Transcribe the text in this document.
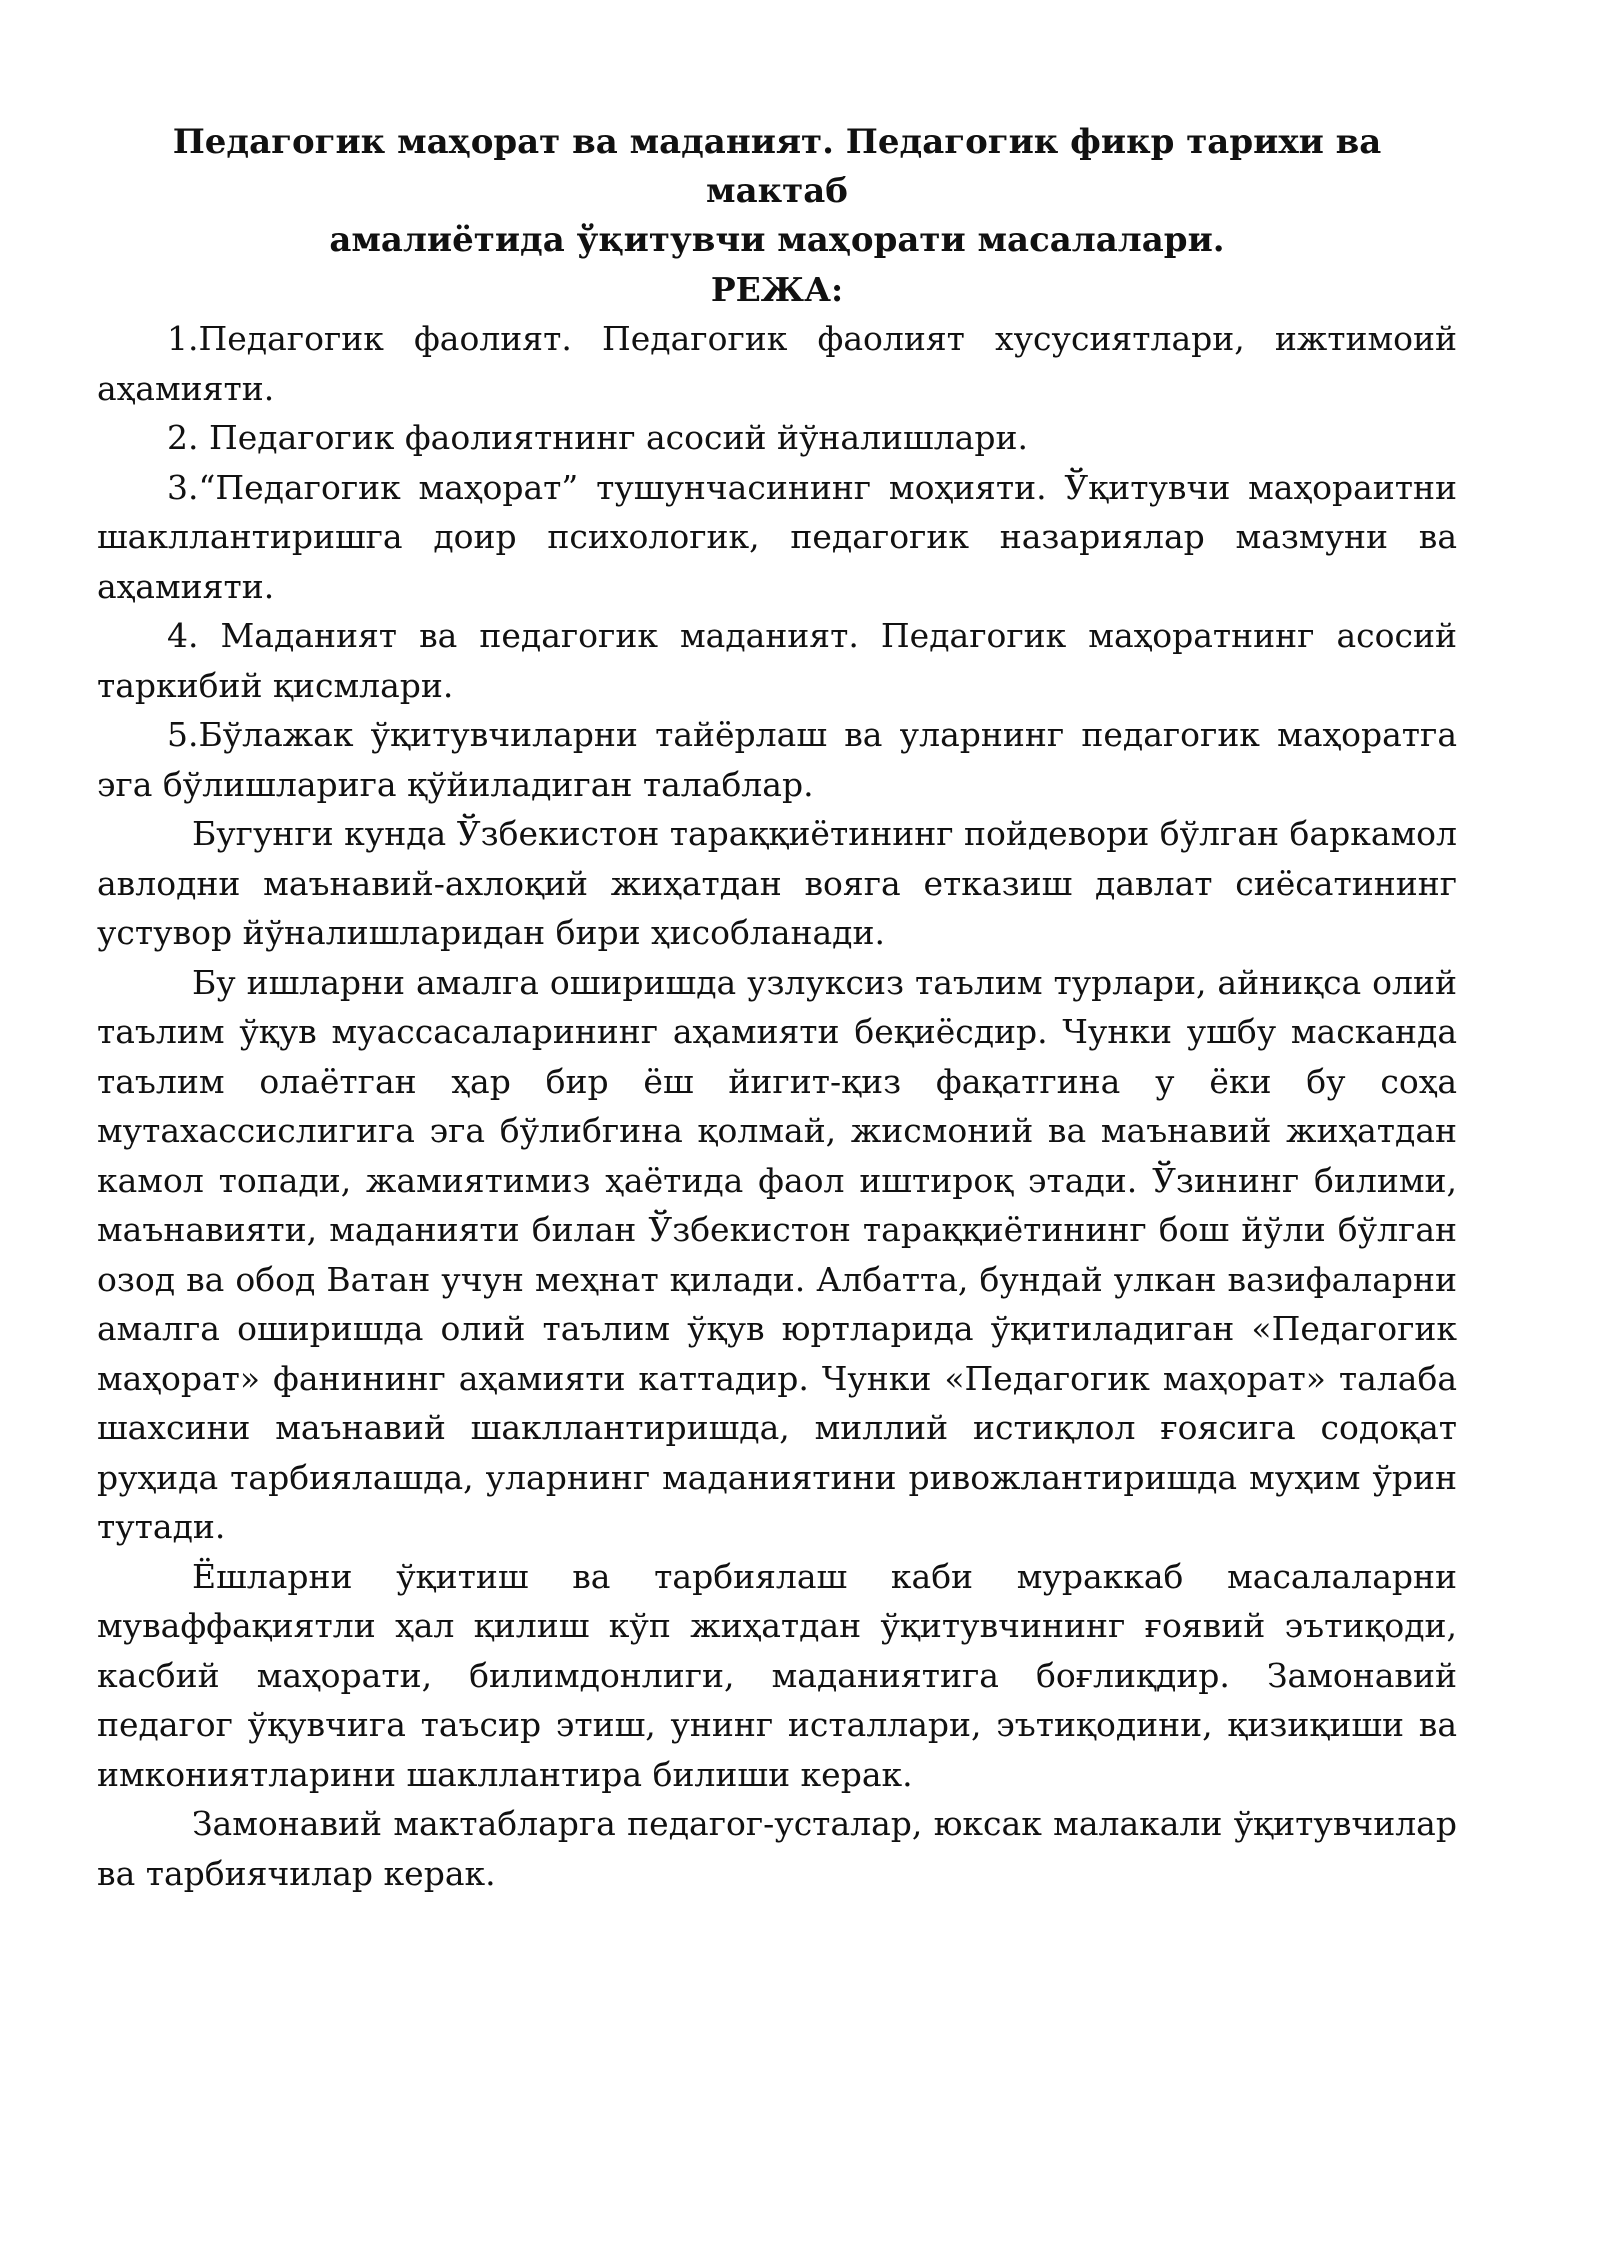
Педагогик маҳорат ва маданият. Педагогик фикр тарихи ва мактаб
амалиётида ўқитувчи маҳорати масалалари.
РЕЖА:

1.Педагогик фаолият. Педагогик фаолият хусусиятлари, ижтимоий аҳамияти.

2. Педагогик фаолиятнинг асосий йўналишлари.

3.“Педагогик маҳорат” тушунчасининг моҳияти. Ўқитувчи маҳораитни шакллантиришга доир психологик, педагогик назариялар мазмуни ва аҳамияти.

4. Маданият ва педагогик маданият. Педагогик маҳоратнинг асосий таркибий қисмлари.

5.Бўлажак ўқитувчиларни тайёрлаш ва уларнинг педагогик маҳоратга эга бўлишларига қўйиладиган талаблар.

Бугунги кунда Ўзбекистон тараққиётининг пойдевори бўлган баркамол авлодни маънавий-ахлоқий жиҳатдан вояга етказиш давлат сиёсатининг устувор йўналишларидан бири ҳисобланади.

Бу ишларни амалга оширишда узлуксиз таълим турлари, айниқса олий таълим ўқув муассасаларининг аҳамияти беқиёсдир. Чунки ушбу масканда таълим олаётган ҳар бир ёш йигит-қиз фақатгина у ёки бу соҳа мутахассислигига эга бўлибгина қолмай, жисмоний ва маънавий жиҳатдан камол топади, жамиятимиз ҳаётида фаол иштироқ этади. Ўзининг билими, маънавияти, маданияти билан Ўзбекистон тараққиётининг бош йўли бўлган озод ва обод Ватан учун меҳнат қилади. Албатта, бундай улкан вазифаларни амалга оширишда олий таълим ўқув юртларида ўқитиладиган «Педагогик маҳорат» фанининг аҳамияти каттадир. Чунки «Педагогик маҳорат» талаба шахсини маънавий шакллантиришда, миллий истиқлол ғоясига содоқат руҳида тарбиялашда, уларнинг маданиятини ривожлантиришда муҳим ўрин тутади.

Ёшларни ўқитиш ва тарбиялаш каби мураккаб масалаларни муваффақиятли ҳал қилиш кўп жиҳатдан ўқитувчининг ғоявий эътиқоди, касбий маҳорати, билимдонлиги, маданиятига боғлиқдир. Замонавий педагог ўқувчига таъсир этиш, унинг исталлари, эътиқодини, қизиқиши ва имкониятларини шакллантира билиши керак.

Замонавий мактабларга педагог-усталар, юксак малакали ўқитувчилар ва тарбиячилар керак.
